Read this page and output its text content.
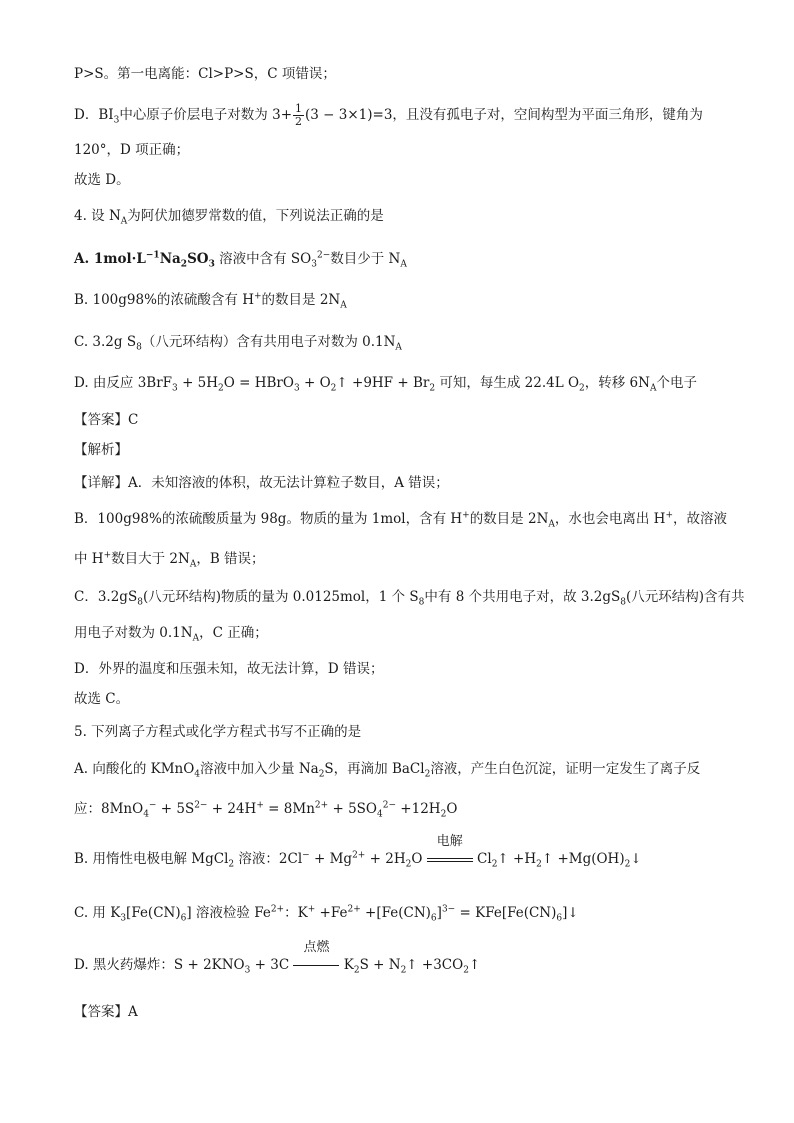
P>S。第一电离能：Cl>P>S，C 项错误；
D．$BI_3$中心原子价层电子对数为 $3+ \frac{1}{2} (3 - 3\times 1)=3$，且没有孤电子对，空间构型为平面三角形，键角为
120°，D 项正确；
故选 D。
4. 设 $N_A$为阿伏加德罗常数的值，下列说法正确的是
A. $1mol\cdot L^{-1}Na_2SO_3$ 溶液中含有 $SO_3^{2-}$数目少于 $N_A$
B. 100g98%的浓硫酸含有 H+的数目是 $2N_A$
C. 3.2g $S_8$（八元环结构）含有共用电子对数为 $0.1N_A$
D. 由反应 $3BrF_3 + 5H_2O$ = HBrO$_3$ + $O_2↑ +9HF + Br_2$ 可知，每生成 22.4L $O_2$，转移 $6N_A$个电子
【答案】C
【解析】
【详解】A．未知溶液的体积，故无法计算粒子数目，A 错误；
B．100g98%的浓硫酸质量为 98g。物质的量为 1mol，含有 H+的数目是 $2N_A$，水也会电离出 H+，故溶液
中 H+数目大于 $2N_A$，B 错误；
C．$3.2gS_8$(八元环结构)物质的量为 0.0125mol，1 个 $S_8$中有 8 个共用电子对，故 $3.2gS_8$(八元环结构)含有共
用电子对数为 $0.1N_A$，C 正确；
D．外界的温度和压强未知，故无法计算，D 错误；
故选 C。
5. 下列离子方程式或化学方程式书写不正确的是
A. 向酸化的 KMnO$_4$溶液中加入少量 $Na_2S$，再滴加 BaCl$_2$溶液，产生白色沉淀，证明一定发生了离子反
应：$8MnO_4^- + 5S^{2-} + 24H^+ = 8Mn^{2+} + 5SO_4^{2-} +12H_2O$
B. 用惰性电极电解 MgCl$_2$ 溶液：$2Cl^- + Mg^{2+} + 2H_2O$
电解
$Cl_2↑$ $+H_2↑$ $+Mg(OH)_2↓$
C. 用 $K_3[Fe(CN)_6]$ 溶液检验 $Fe^{2+}$：$K^+ +Fe^{2+} +[Fe(CN)_6]^{3-}$ = $KFe[Fe(CN)_6]↓$
D. 黑火药爆炸：$S + 2KNO_3 + 3C$
点燃
$K_2S$ + $N_2↑$ $+3CO_2↑$
【答案】A
